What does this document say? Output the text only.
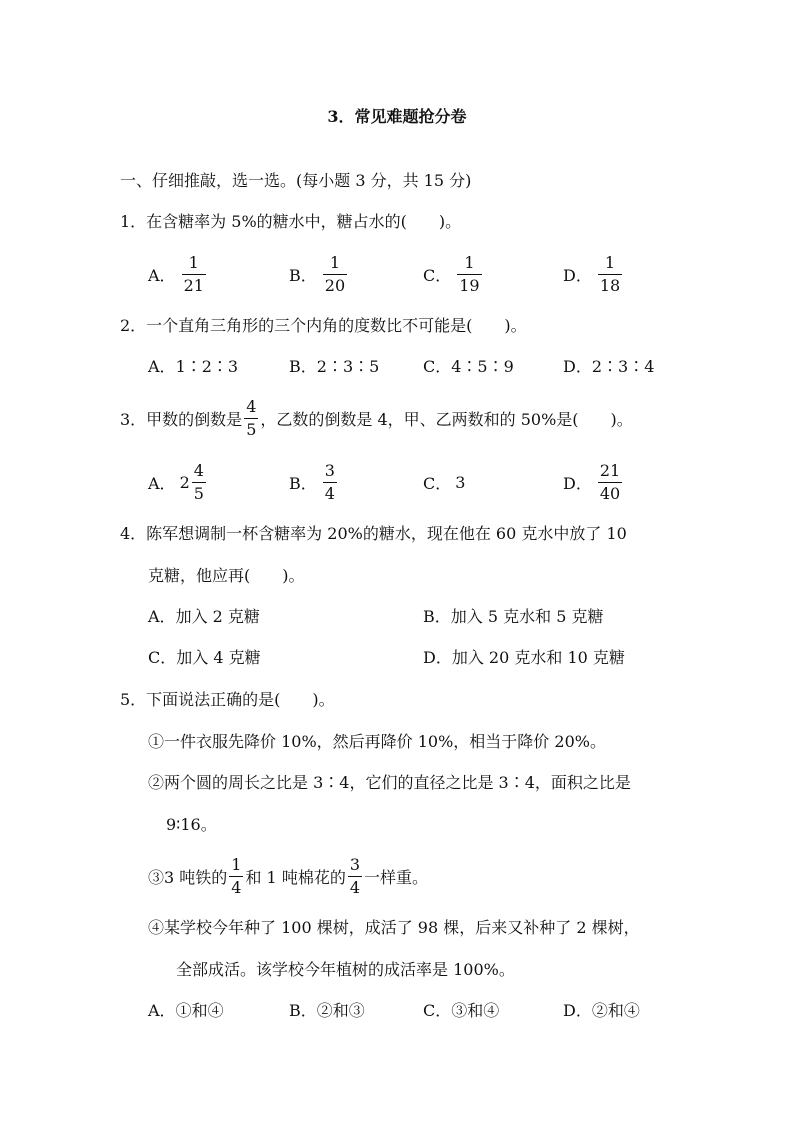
3．常见难题抢分卷
一、仔细推敲，选一选。(每小题 3 分，共 15 分)
1．在含糖率为 5%的糖水中，糖占水的(　　)。
A． $\frac{1}{21}$	B． $\frac{1}{20}$	C． $\frac{1}{19}$	D． $\frac{1}{18}$
2．一个直角三角形的三个内角的度数比不可能是(　　)。
A．1∶2∶3	B．2∶3∶5	C．4∶5∶9	D．2∶3∶4
3．甲数的倒数是 $\frac{4}{5}$ ，乙数的倒数是 4，甲、乙两数和的 50%是(　　)。
A． $2 \frac{4}{5}$	B． $\frac{3}{4}$	C． 3	D． $\frac{21}{40}$
4．陈军想调制一杯含糖率为 20%的糖水，现在他在 60 克水中放了 10
克糖，他应再(　　)。
A．加入 2 克糖	B．加入 5 克水和 5 克糖
C．加入 4 克糖	D．加入 20 克水和 10 克糖
5．下面说法正确的是(　　)。
①一件衣服先降价 10%，然后再降价 10%，相当于降价 20%。
②两个圆的周长之比是 3∶4，它们的直径之比是 3∶4，面积之比是
9∶16。
③3 吨铁的 $\frac{1}{4}$ 和 1 吨棉花的 $\frac{3}{4}$ 一样重。
④某学校今年种了 100 棵树，成活了 98 棵，后来又补种了 2 棵树，
全部成活。该学校今年植树的成活率是 100%。
A．①和④	B．②和③	C．③和④	D．②和④
